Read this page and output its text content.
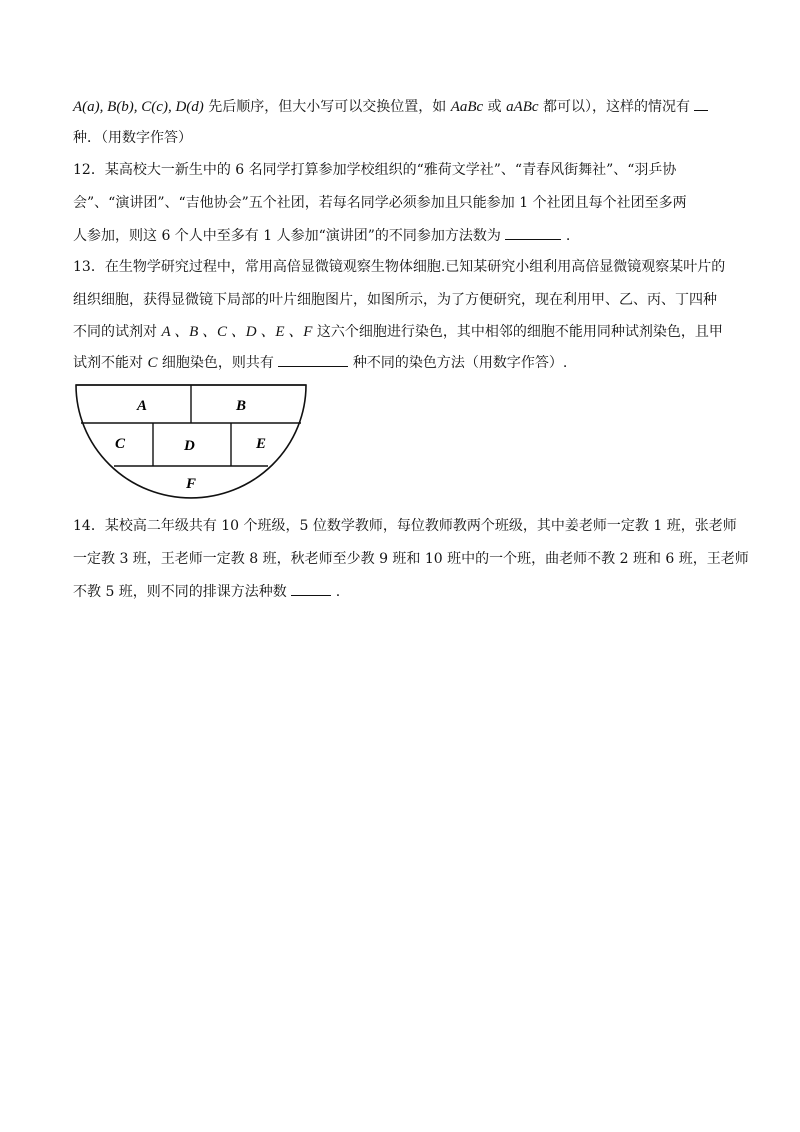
A(a), B(b), C(c), D(d) 先后顺序，但大小写可以交换位置，如 AaBc 或 aABc 都可以），这样的情况有
种．（用数字作答）
12．某高校大一新生中的 6 名同学打算参加学校组织的“雅荷文学社”、“青春风街舞社”、“羽乒协
会”、“演讲团”、“吉他协会”五个社团，若每名同学必须参加且只能参加 1 个社团且每个社团至多两
人参加，则这 6 个人中至多有 1 人参加“演讲团”的不同参加方法数为	.
13．在生物学研究过程中，常用高倍显微镜观察生物体细胞.已知某研究小组利用高倍显微镜观察某叶片的
组织细胞，获得显微镜下局部的叶片细胞图片，如图所示，为了方便研究，现在利用甲、乙、丙、丁四种
不同的试剂对 A 、B 、C 、D 、E 、F 这六个细胞进行染色，其中相邻的细胞不能用同种试剂染色，且甲
试剂不能对 C 细胞染色，则共有	种不同的染色方法（用数字作答）.
A	B
C	D	E
F
14．某校高二年级共有 10 个班级，5 位数学教师，每位教师教两个班级，其中姜老师一定教 1 班，张老师
一定教 3 班，王老师一定教 8 班，秋老师至少教 9 班和 10 班中的一个班，曲老师不教 2 班和 6 班，王老师
不教 5 班，则不同的排课方法种数	.
